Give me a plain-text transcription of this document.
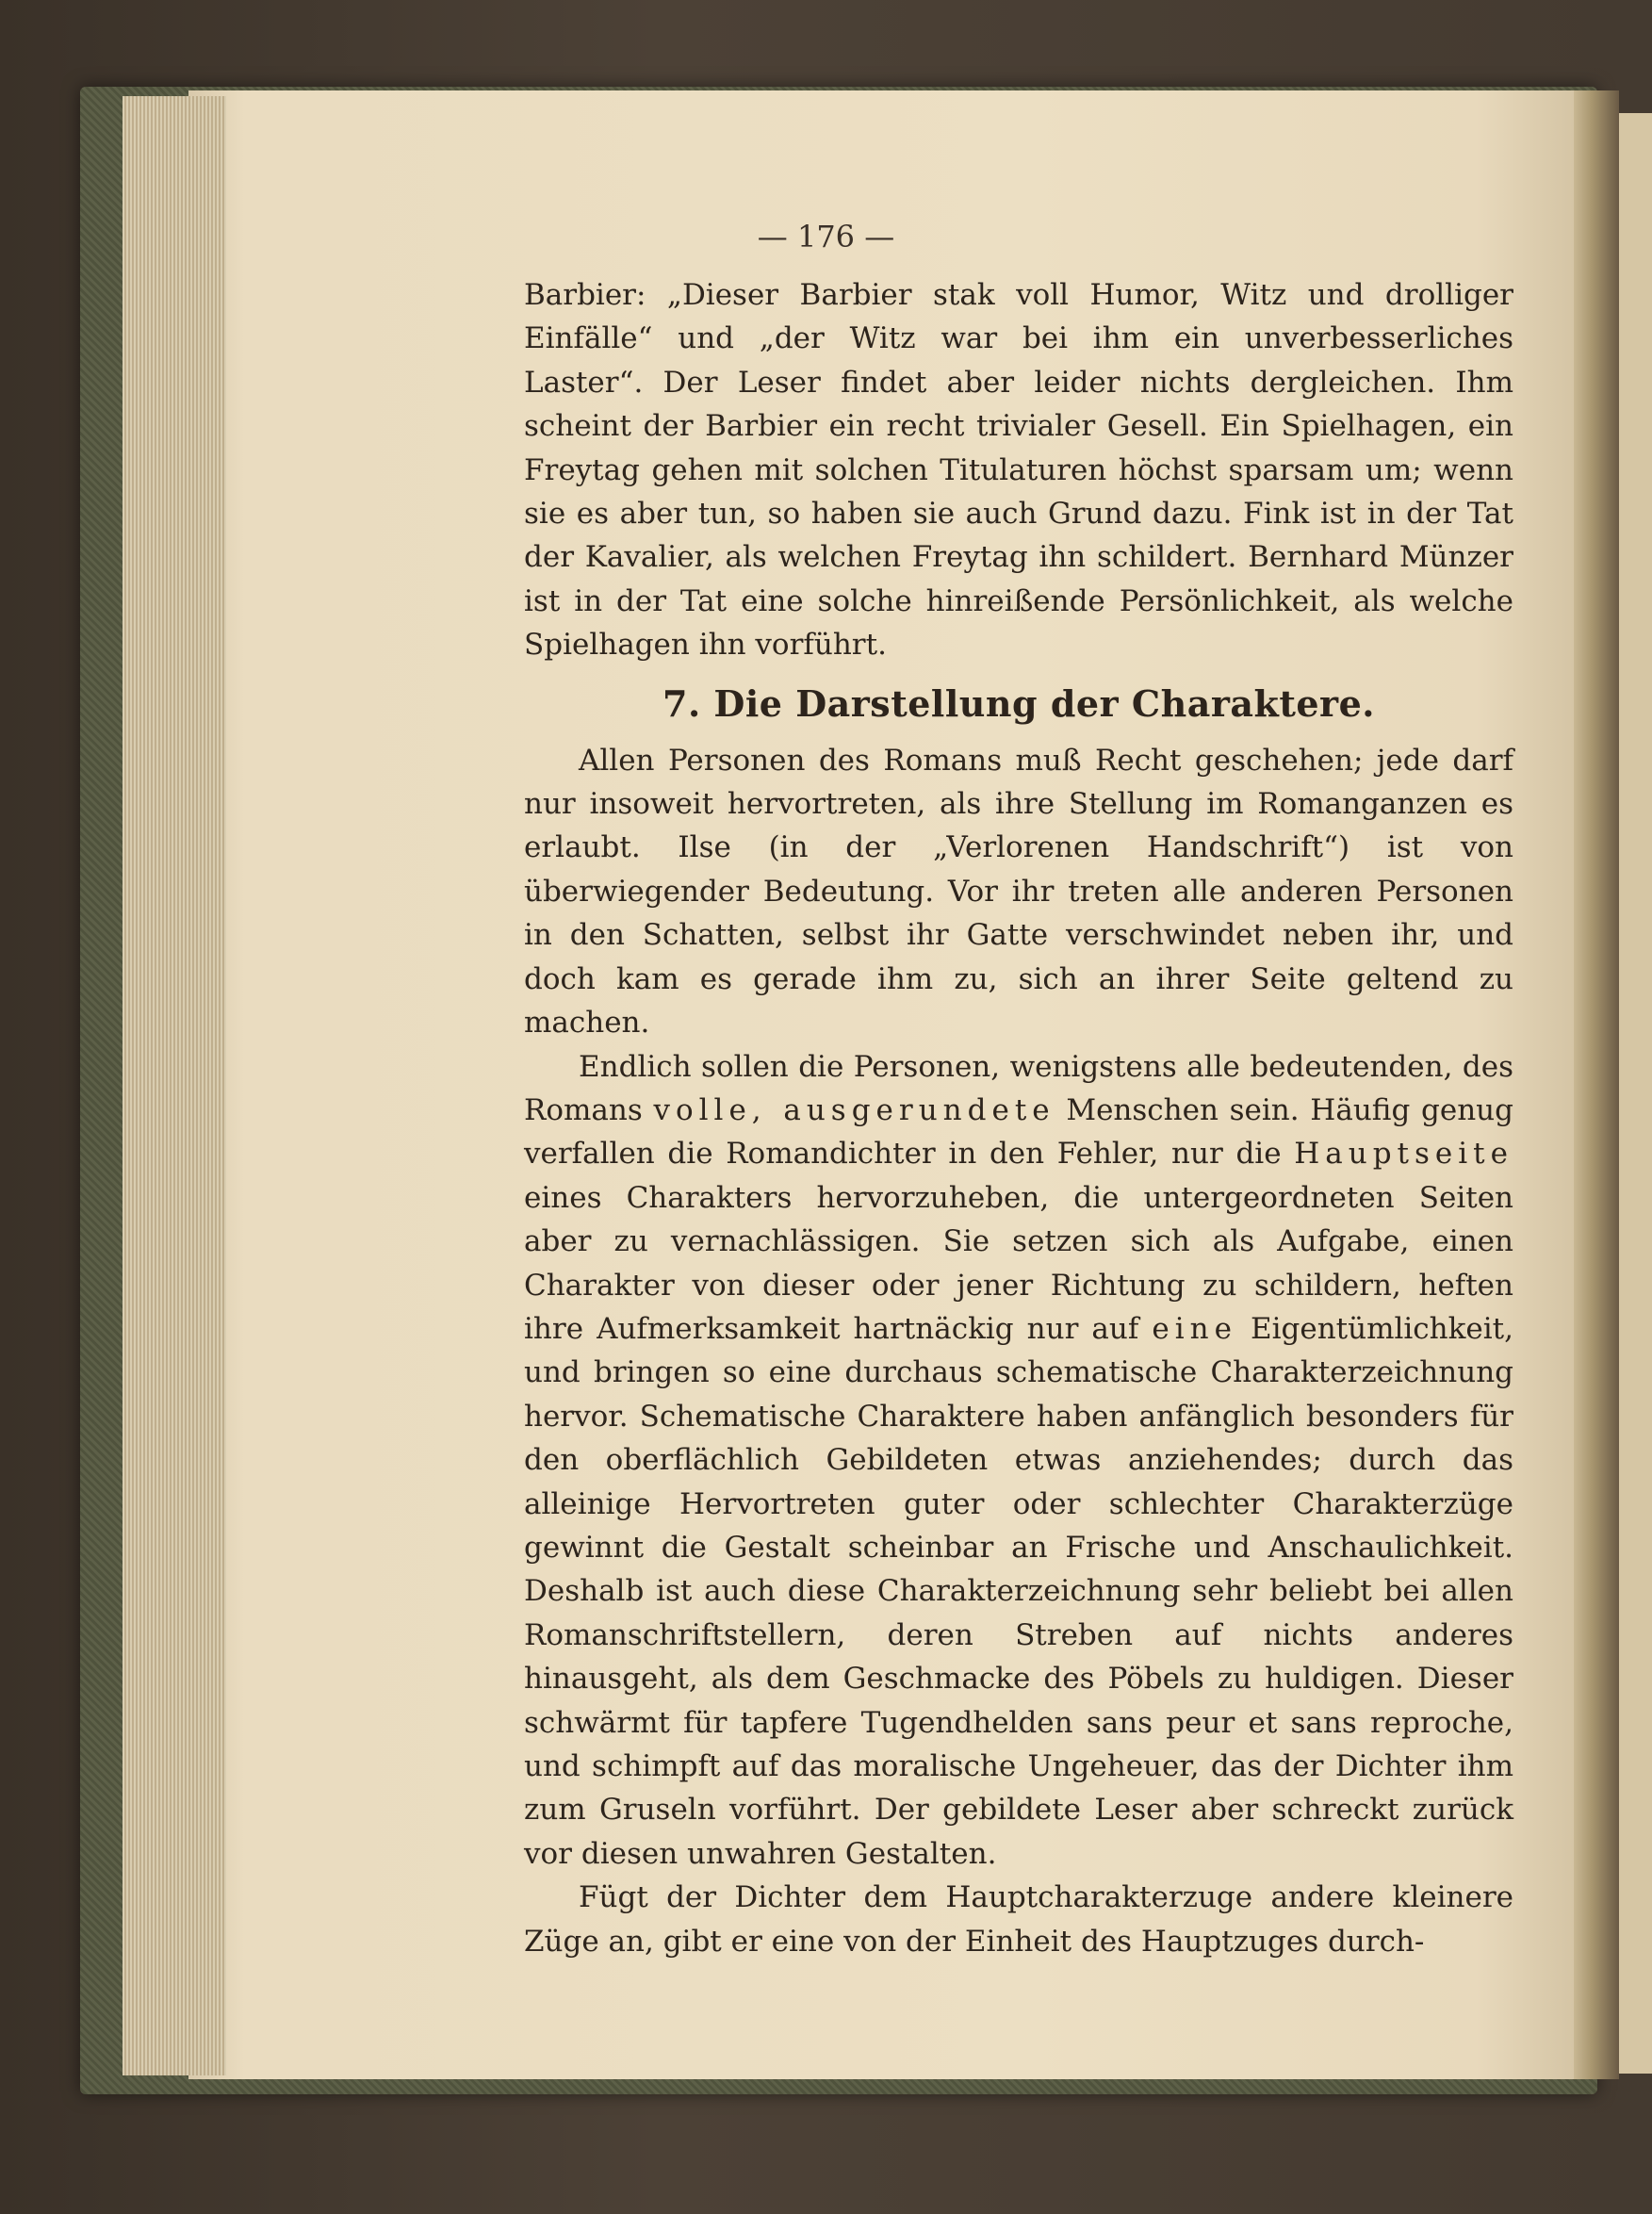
— 176 —

Barbier: „Dieser Barbier stak voll Humor, Witz und drolliger Einfälle“ und „der Witz war bei ihm ein unverbesserliches Laster“. Der Leser findet aber leider nichts dergleichen. Ihm scheint der Barbier ein recht trivialer Gesell. Ein Spielhagen, ein Freytag gehen mit solchen Titulaturen höchst sparsam um; wenn sie es aber tun, so haben sie auch Grund dazu. Fink ist in der Tat der Kavalier, als welchen Freytag ihn schildert. Bernhard Münzer ist in der Tat eine solche hinreißende Persönlichkeit, als welche Spielhagen ihn vorführt.

7. Die Darstellung der Charaktere.

Allen Personen des Romans muß Recht geschehen; jede darf nur insoweit hervortreten, als ihre Stellung im Romanganzen es erlaubt. Ilse (in der „Verlorenen Handschrift“) ist von überwiegender Bedeutung. Vor ihr treten alle anderen Personen in den Schatten, selbst ihr Gatte verschwindet neben ihr, und doch kam es gerade ihm zu, sich an ihrer Seite geltend zu machen.

Endlich sollen die Personen, wenigstens alle bedeutenden, des Romans volle, ausgerundete Menschen sein. Häufig genug verfallen die Romandichter in den Fehler, nur die Hauptseite eines Charakters hervorzuheben, die untergeordneten Seiten aber zu vernachlässigen. Sie setzen sich als Aufgabe, einen Charakter von dieser oder jener Richtung zu schildern, heften ihre Aufmerksamkeit hartnäckig nur auf eine Eigentümlichkeit, und bringen so eine durchaus schematische Charakterzeichnung hervor. Schematische Charaktere haben anfänglich besonders für den oberflächlich Gebildeten etwas anziehendes; durch das alleinige Hervortreten guter oder schlechter Charakterzüge gewinnt die Gestalt scheinbar an Frische und Anschaulichkeit. Deshalb ist auch diese Charakterzeichnung sehr beliebt bei allen Romanschriftstellern, deren Streben auf nichts anderes hinausgeht, als dem Geschmacke des Pöbels zu huldigen. Dieser schwärmt für tapfere Tugendhelden sans peur et sans reproche, und schimpft auf das moralische Ungeheuer, das der Dichter ihm zum Gruseln vorführt. Der gebildete Leser aber schreckt zurück vor diesen unwahren Gestalten.

Fügt der Dichter dem Hauptcharakterzuge andere kleinere Züge an, gibt er eine von der Einheit des Hauptzuges durch-
